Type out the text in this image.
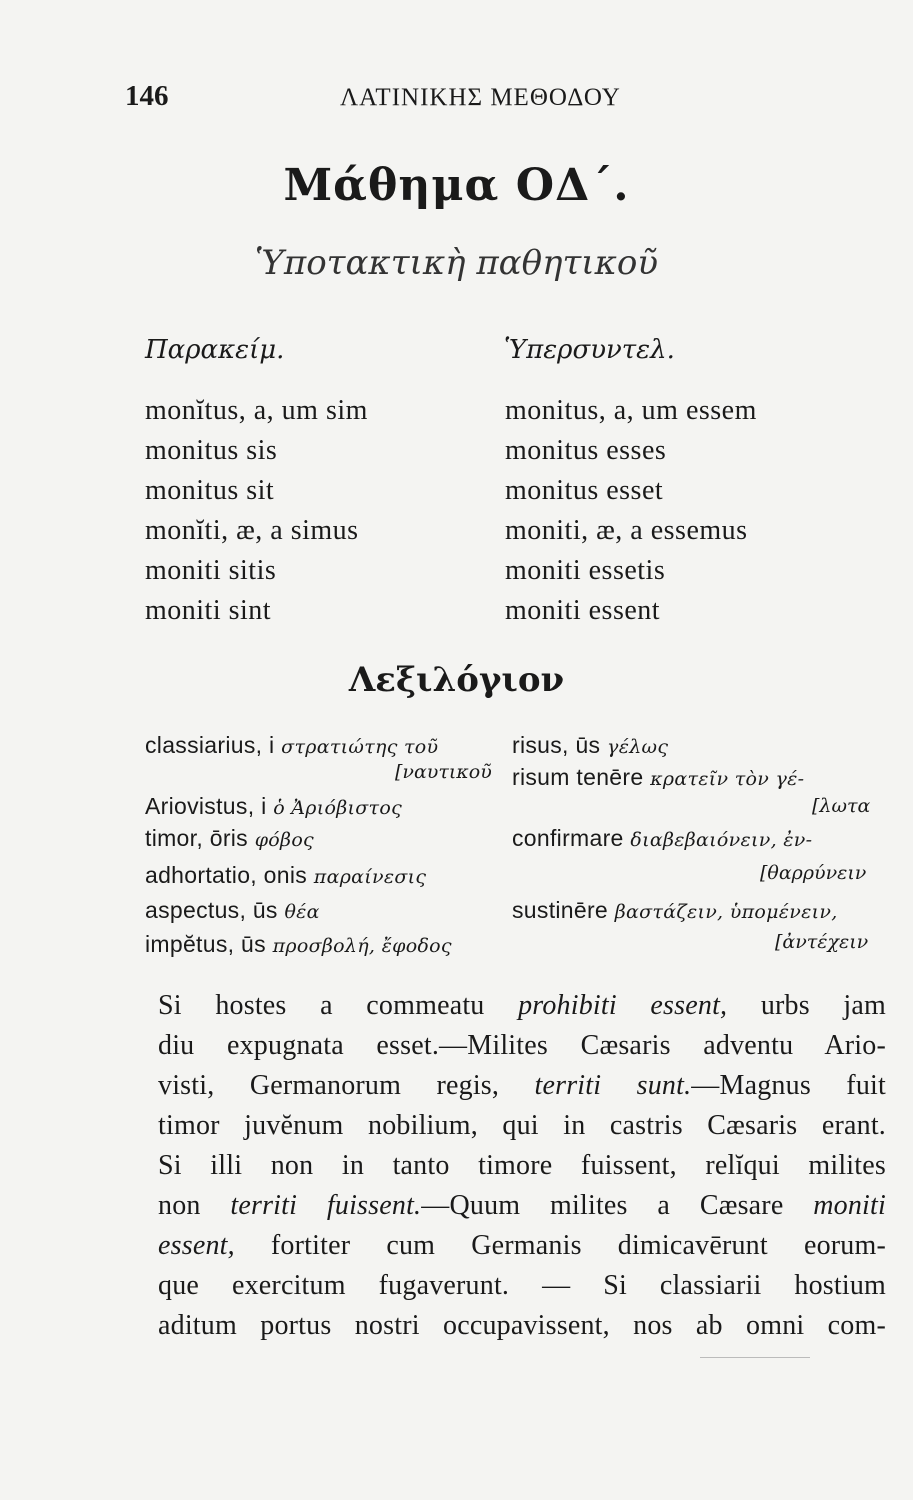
146	ΛΑΤΙΝΙΚΗΣ ΜΕΘΟΔΟΥ
Μάθημα ΟΔ΄.
Ὑποτακτικὴ παθητικοῦ
Παρακείμ.	Ὑπερσυντελ.
monĭtus, a, um sim
monitus sis
monitus sit
monĭti, æ, a simus
moniti sitis
moniti sint
monitus, a, um essem
monitus esses
monitus esset
moniti, æ, a essemus
moniti essetis
moniti essent
Λεξιλόγιον
classiarius, i στρατιώτης τοῦ
[ναυτικοῦ
Ariovistus, i ὁ Ἀριόβιστος
timor, ōris φόβος
adhortatio, onis παραίνεσις
aspectus, ūs θέα
impĕtus, ūs προσβολή, ἔφοδος
risus, ūs γέλως
risum tenēre κρατεῖν τὸν γέ-
[λωτα
confirmare διαβεβαιόνειν, ἐν-
[θαρρύνειν
sustinēre βαστάζειν, ὑπομένειν,
[ἀντέχειν
Si hostes a commeatu prohibiti essent, urbs jam
diu expugnata esset.—Milites Cæsaris adventu Ario-
visti, Germanorum regis, territi sunt.—Magnus fuit
timor juvĕnum nobilium, qui in castris Cæsaris erant.
Si illi non in tanto timore fuissent, relĭqui milites
non territi fuissent.—Quum milites a Cæsare moniti
essent, fortiter cum Germanis dimicavērunt eorum-
que exercitum fugaverunt. — Si classiarii hostium
aditum portus nostri occupavissent, nos ab omni com-
